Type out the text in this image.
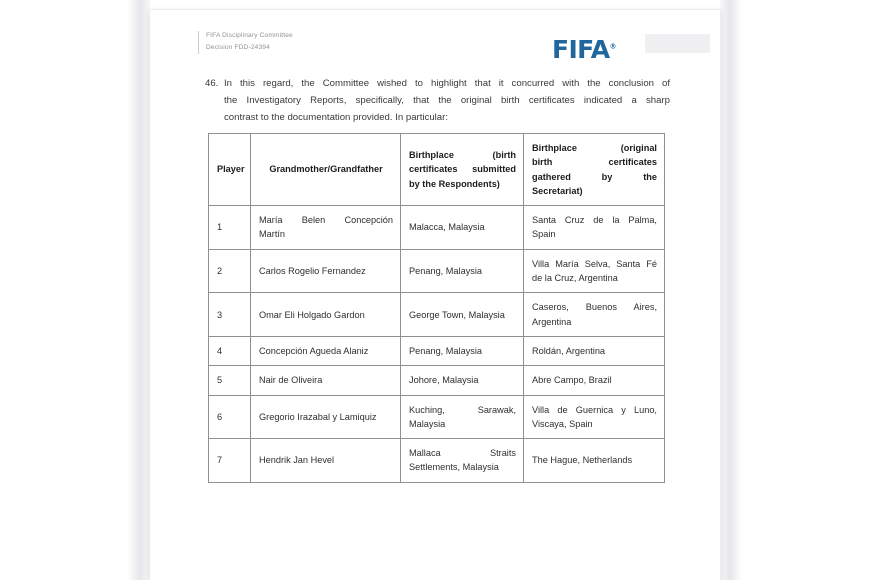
FIFA Disciplinary Committee
Decision FDD-24394	FIFA®
46. In this regard, the Committee wished to highlight that it concurred with the conclusion of
the Investigatory Reports, specifically, that the original birth certificates indicated a sharp
contrast to the documentation provided. In particular:
Player	Grandmother/Grandfather	Birthplace (birth
certificates submitted
by the Respondents)	Birthplace (original
birth certificates
gathered by the
Secretariat)

1	María Belen Concepción
Martín	Malacca, Malaysia	Santa Cruz de la Palma,
Spain

2	Carlos Rogelio Fernandez	Penang, Malaysia	Villa María Selva, Santa Fé
de la Cruz, Argentina

3	Omar Eli Holgado Gardon	George Town, Malaysia	Caseros, Buenos Aires,
Argentina

4	Concepción Agueda Alaniz	Penang, Malaysia	Roldán, Argentina
5	Nair de Oliveira	Johore, Malaysia	Abre Campo, Brazil
6	Gregorio Irazabal y Lamiquiz	Kuching, Sarawak,
Malaysia	Villa de Guernica y Luno,
Viscaya, Spain

7	Hendrik Jan Hevel	Mallaca Straits
Settlements, Malaysia	The Hague, Netherlands
